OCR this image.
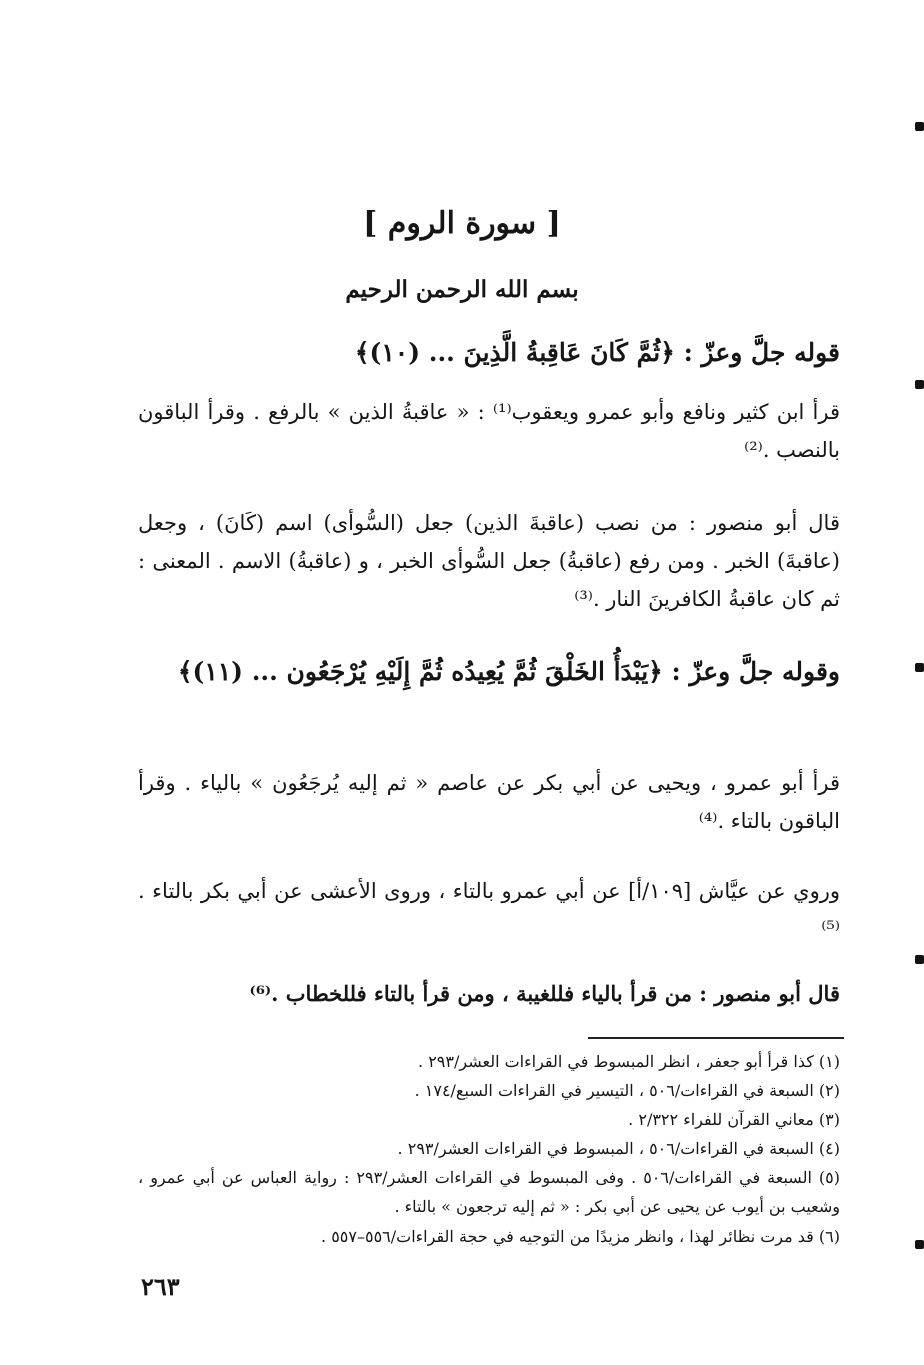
[ سورة الروم ]
بسم الله الرحمن الرحيم
قوله جلَّ وعزّ : ﴿ثُمَّ كَانَ عَاقِبةُ الَّذِينَ ... (١٠)﴾
قرأ ابن كثير ونافع وأبو عمرو ويعقوب⁽¹⁾ : « عاقبةُ الذين » بالرفع . وقرأ الباقون بالنصب .⁽²⁾
قال أبو منصور : من نصب (عاقبةَ الذين) جعل (السُّوأى) اسم (كَانَ) ، وجعل (عاقبةَ) الخبر . ومن رفع (عاقبةُ) جعل السُّوأى الخبر ، و (عاقبةُ) الاسم . المعنى : ثم كان عاقبةُ الكافرينَ النار .⁽³⁾
وقوله جلَّ وعزّ : ﴿يَبْدَأُ الخَلْقَ ثُمَّ يُعِيدُه ثُمَّ إِلَيْهِ يُرْجَعُون ... (١١)﴾
قرأ أبو عمرو ، ويحيى عن أبي بكر عن عاصم « ثم إليه يُرجَعُون » بالياء . وقرأ الباقون بالتاء .⁽⁴⁾
وروي عن عيَّاش [١٠٩/أ] عن أبي عمرو بالتاء ، وروى الأعشى عن أبي بكر بالتاء .⁽⁵⁾
قال أبو منصور : من قرأ بالياء فللغيبة ، ومن قرأ بالتاء فللخطاب .⁽⁶⁾
(١) كذا قرأ أبو جعفر ، انظر المبسوط في القراءات العشر/٢٩٣ .
(٢) السبعة في القراءات/٥٠٦ ، التيسير في القراءات السبع/١٧٤ .
(٣) معاني القرآن للفراء ٢/٣٢٢ .
(٤) السبعة في القراءات/٥٠٦ ، المبسوط في القراءات العشر/٢٩٣ .
(٥) السبعة في القراءات/٥٠٦ . وفى المبسوط في القراءات العشر/٢٩٣ : رواية العباس عن أبي عمرو ، وشعيب بن أيوب عن يحيى عن أبي بكر : « ثم إليه ترجعون » بالتاء .
(٦) قد مرت نظائر لهذا ، وانظر مزيدًا من التوجيه في حجة القراءات/٥٥٦–٥٥٧ .
٢٦٣
